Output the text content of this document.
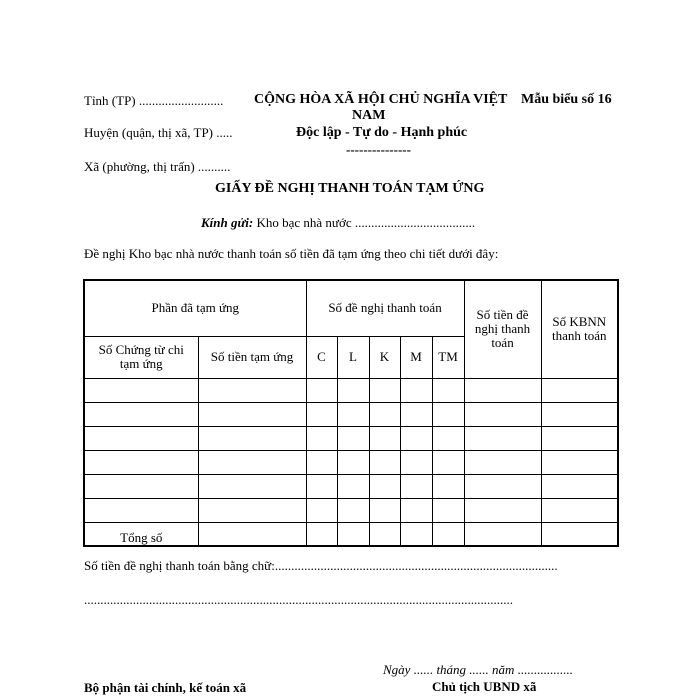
Tỉnh (TP) ..........................
Huyện (quận, thị xã, TP) .....
Xã (phường, thị trấn) ..........
CỘNG HÒA XÃ HỘI CHỦ NGHĨA VIỆT
NAM
Độc lập - Tự do - Hạnh phúc
---------------
Mẫu biểu số 16
GIẤY ĐỀ NGHỊ THANH TOÁN TẠM ỨNG
Kính gửi: Kho bạc nhà nước .....................................
Đề nghị Kho bạc nhà nước thanh toán số tiền đã tạm ứng theo chi tiết dưới đây:
Phần đã tạm ứng		Số đề nghị thanh toán					Số tiền đề nghị thanh toán	Số KBNN thanh toán

Số Chứng từ chi tạm ứng	Số tiền tạm ứng	C	L	K	M	TM		

Tổng số								
Số tiền đề nghị thanh toán bằng chữ:.......................................................................................
....................................................................................................................................
Ngày ...... tháng ...... năm .................
Bộ phận tài chính, kế toán xã	Chủ tịch UBND xã
